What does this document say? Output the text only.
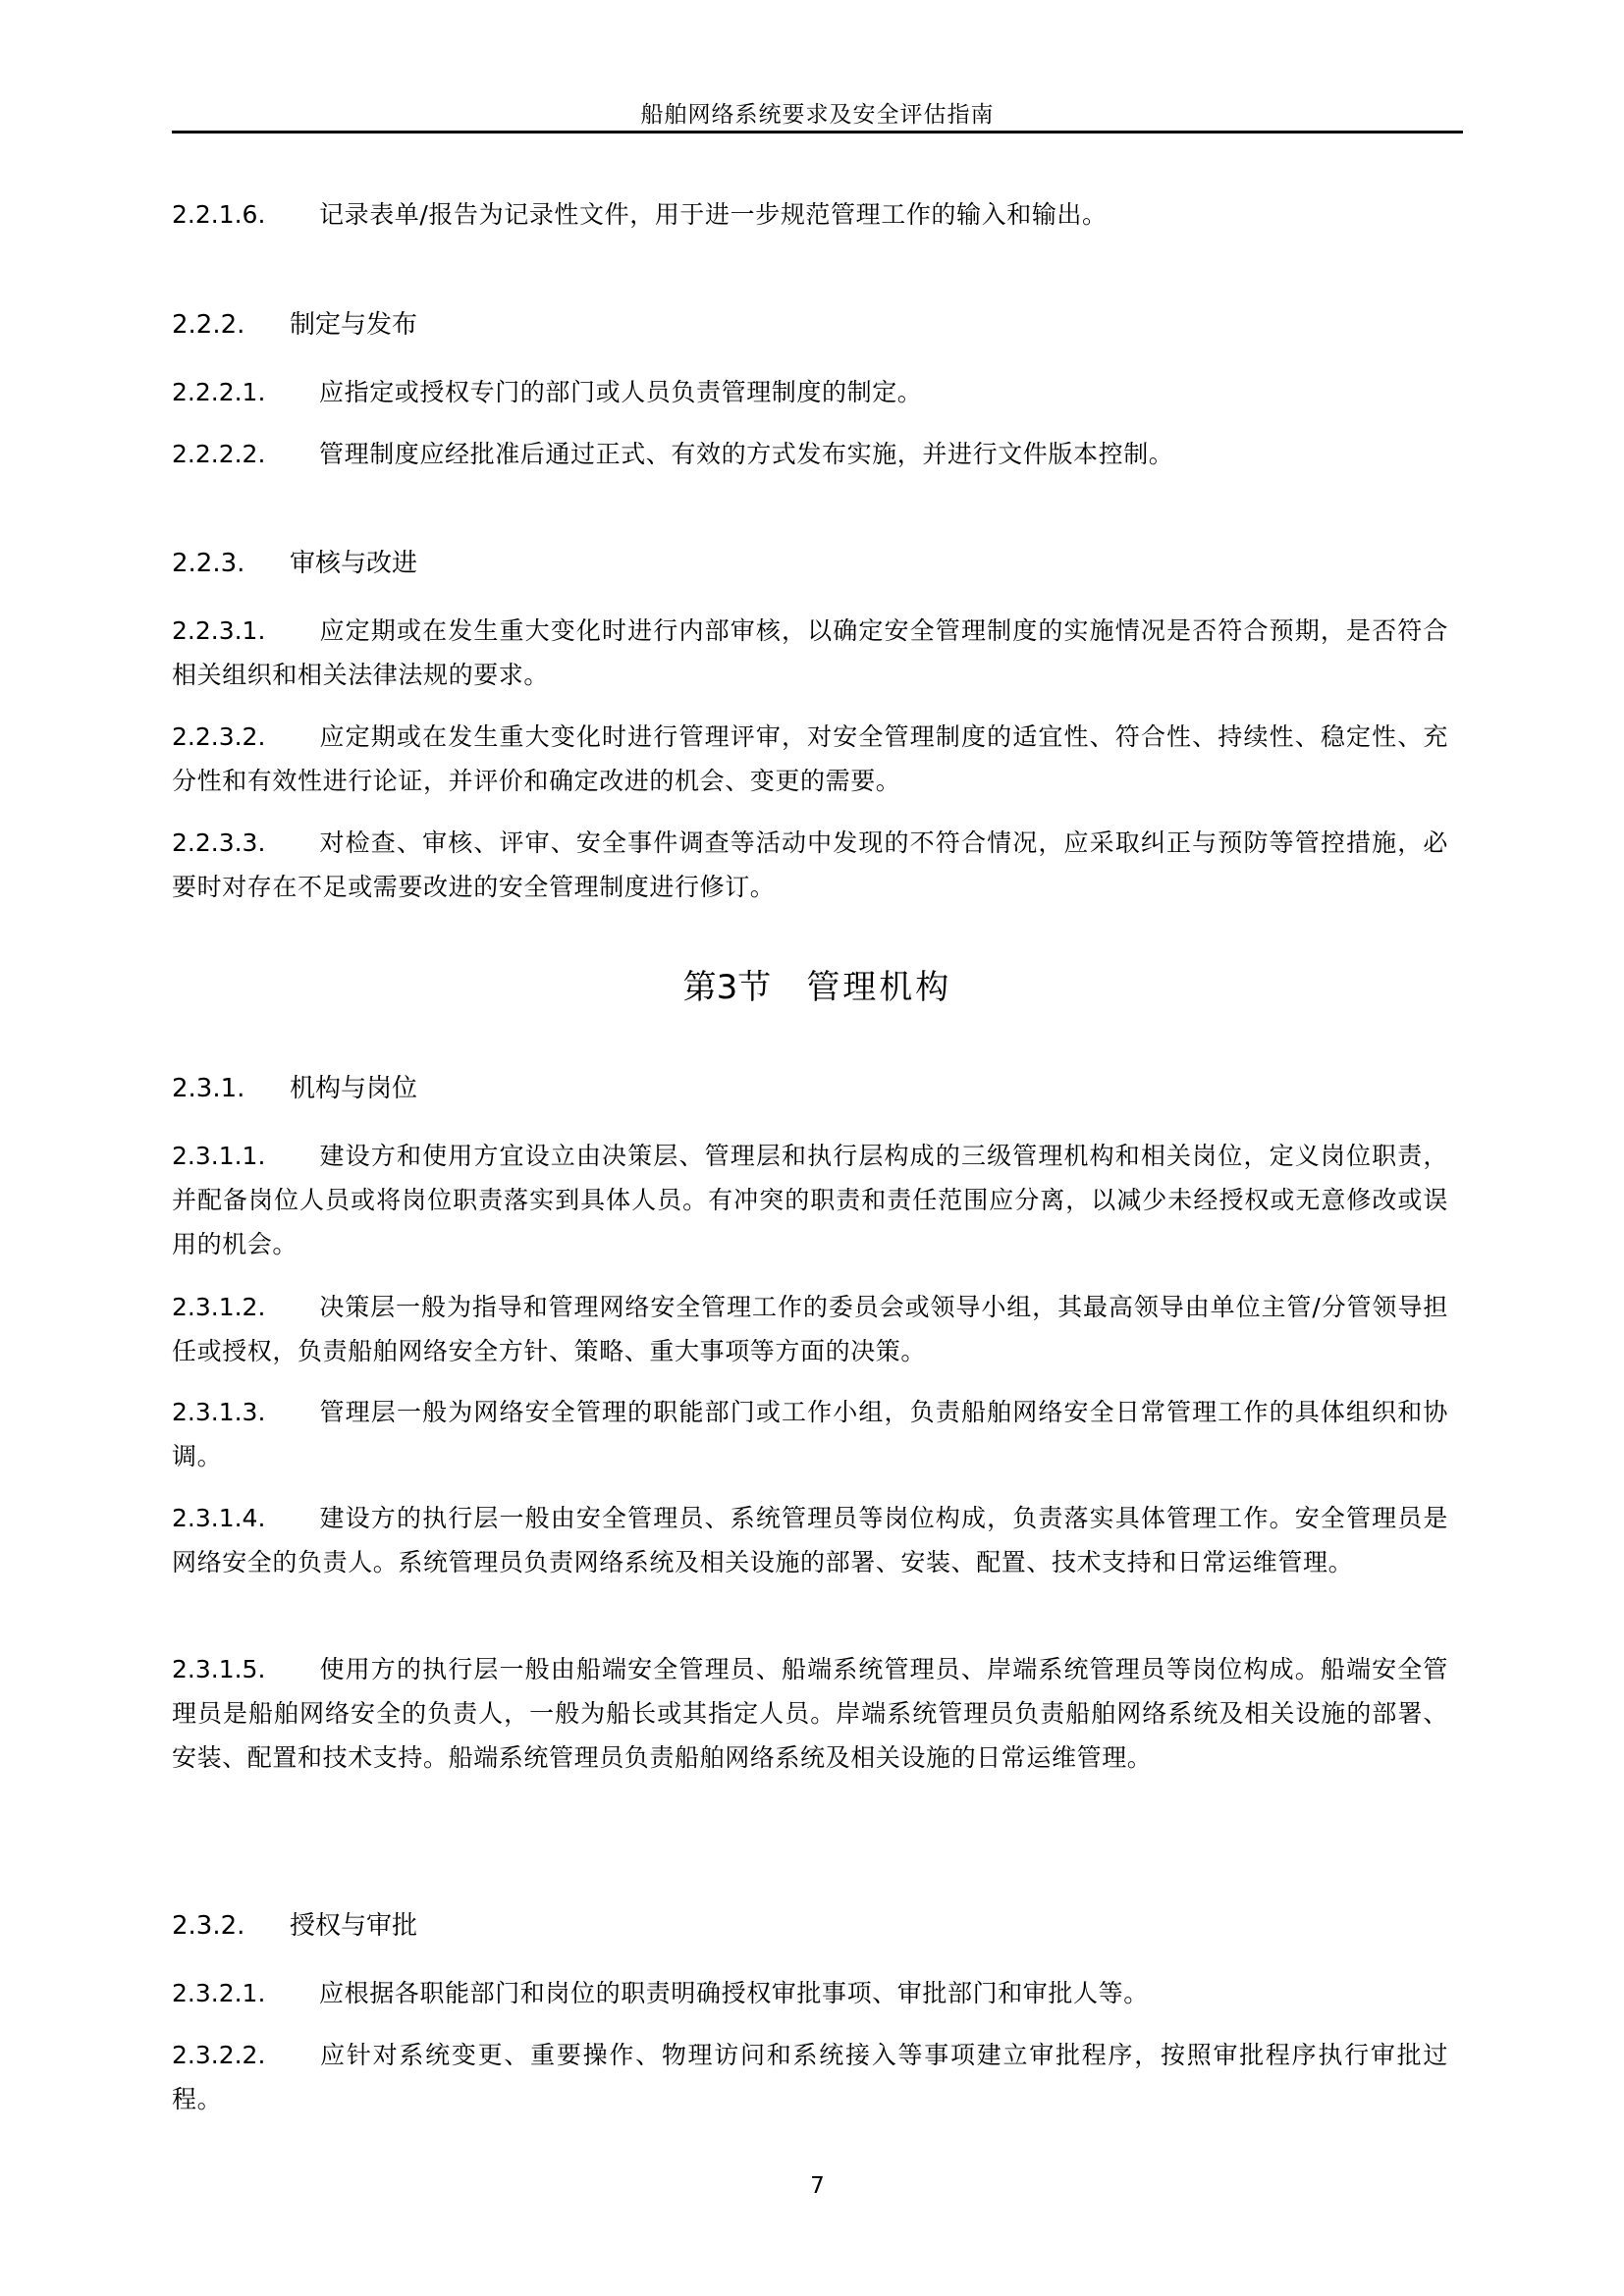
船舶网络系统要求及安全评估指南

2.2.1.6. 记录表单/报告为记录性文件，用于进一步规范管理工作的输入和输出。

2.2.2. 制定与发布

2.2.2.1. 应指定或授权专门的部门或人员负责管理制度的制定。

2.2.2.2. 管理制度应经批准后通过正式、有效的方式发布实施，并进行文件版本控制。

2.2.3. 审核与改进

2.2.3.1. 应定期或在发生重大变化时进行内部审核，以确定安全管理制度的实施情况是否符合预期，是否符合相关组织和相关法律法规的要求。

2.2.3.2. 应定期或在发生重大变化时进行管理评审，对安全管理制度的适宜性、符合性、持续性、稳定性、充分性和有效性进行论证，并评价和确定改进的机会、变更的需要。

2.2.3.3. 对检查、审核、评审、安全事件调查等活动中发现的不符合情况，应采取纠正与预防等管控措施，必要时对存在不足或需要改进的安全管理制度进行修订。

第3节 管理机构

2.3.1. 机构与岗位

2.3.1.1. 建设方和使用方宜设立由决策层、管理层和执行层构成的三级管理机构和相关岗位，定义岗位职责，并配备岗位人员或将岗位职责落实到具体人员。有冲突的职责和责任范围应分离，以减少未经授权或无意修改或误用的机会。

2.3.1.2. 决策层一般为指导和管理网络安全管理工作的委员会或领导小组，其最高领导由单位主管/分管领导担任或授权，负责船舶网络安全方针、策略、重大事项等方面的决策。

2.3.1.3. 管理层一般为网络安全管理的职能部门或工作小组，负责船舶网络安全日常管理工作的具体组织和协调。

2.3.1.4. 建设方的执行层一般由安全管理员、系统管理员等岗位构成，负责落实具体管理工作。安全管理员是网络安全的负责人。系统管理员负责网络系统及相关设施的部署、安装、配置、技术支持和日常运维管理。

2.3.1.5. 使用方的执行层一般由船端安全管理员、船端系统管理员、岸端系统管理员等岗位构成。船端安全管理员是船舶网络安全的负责人，一般为船长或其指定人员。岸端系统管理员负责船舶网络系统及相关设施的部署、安装、配置和技术支持。船端系统管理员负责船舶网络系统及相关设施的日常运维管理。

2.3.2. 授权与审批

2.3.2.1. 应根据各职能部门和岗位的职责明确授权审批事项、审批部门和审批人等。

2.3.2.2. 应针对系统变更、重要操作、物理访问和系统接入等事项建立审批程序，按照审批程序执行审批过程。

7
